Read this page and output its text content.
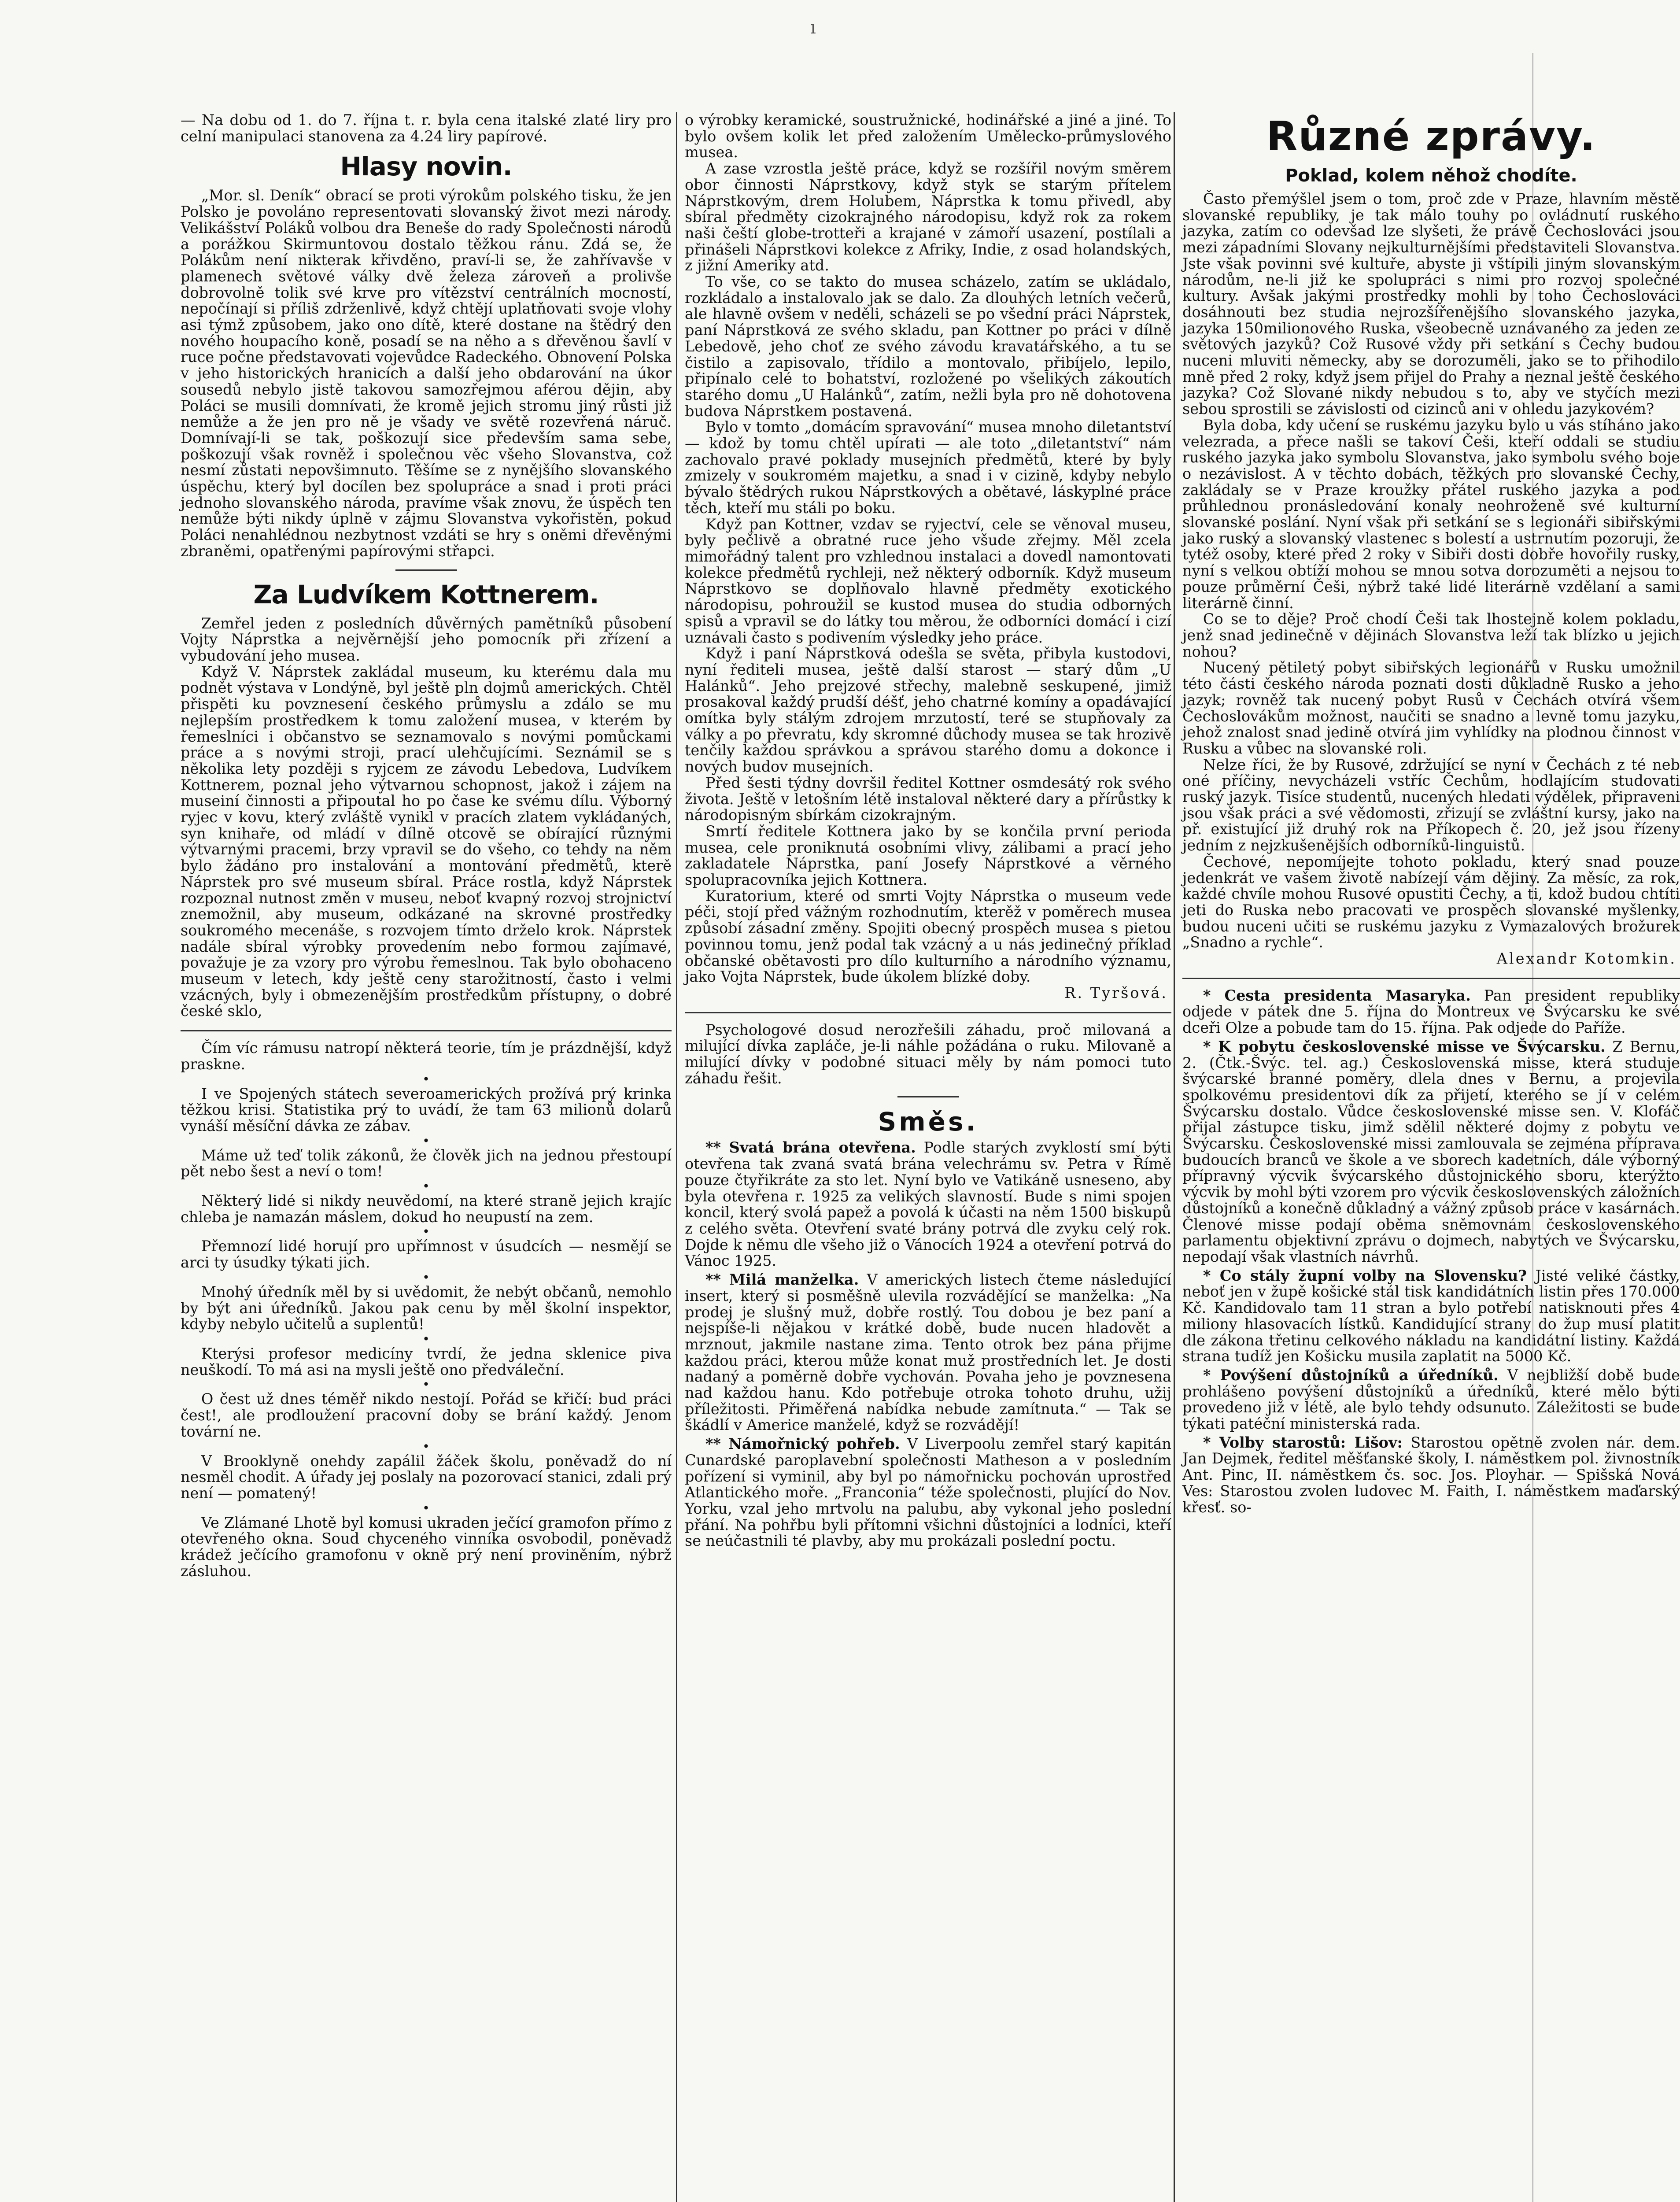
ı

— Na dobu od 1. do 7. října t. r. byla cena italské zlaté liry pro celní manipulaci stanovena za 4.24 liry papírové.

Hlasy novin.

„Mor. sl. Deník“ obrací se proti výrokům polského tisku, že jen Polsko je povoláno representovati slovanský život mezi národy. Velikášství Poláků volbou dra Beneše do rady Společnosti národů a porážkou Skirmuntovou dostalo těžkou ránu. Zdá se, že Polákům není nikterak křivděno, praví-li se, že zahřívavše v plamenech světové války dvě železa zároveň a prolivše dobrovolně tolik své krve pro vítězství centrálních mocností, nepočínají si příliš zdrženlivě, když chtějí uplatňovati svoje vlohy asi týmž způsobem, jako ono dítě, které dostane na štědrý den nového houpacího koně, posadí se na něho a s dřevěnou šavlí v ruce počne představovati vojevůdce Radeckého. Obnovení Polska v jeho historických hranicích a další jeho obdarování na úkor sousedů nebylo jistě takovou samozřejmou aférou dějin, aby Poláci se musili domnívati, že kromě jejich stromu jiný růsti již nemůže a že jen pro ně je všady ve světě rozevřená náruč. Domnívají-li se tak, poškozují sice především sama sebe, poškozují však rovněž i společnou věc všeho Slovanstva, což nesmí zůstati nepovšimnuto. Těšíme se z nynějšího slovanského úspěchu, který byl docílen bez spolupráce a snad i proti práci jednoho slovanského národa, pravíme však znovu, že úspěch ten nemůže býti nikdy úplně v zájmu Slovanstva vykořistěn, pokud Poláci nenahlédnou nezbytnost vzdáti se hry s oněmi dřevěnými zbraněmi, opatřenými papírovými střapci.

Za Ludvíkem Kottnerem.

Zemřel jeden z posledních důvěrných pamětníků působení Vojty Náprstka a nejvěrnější jeho pomocník při zřízení a vybudování jeho musea.

Když V. Náprstek zakládal museum, ku kterému dala mu podnět výstava v Londýně, byl ještě pln dojmů amerických. Chtěl přispěti ku povznesení českého průmyslu a zdálo se mu nejlepším prostředkem k tomu založení musea, v kterém by řemeslníci i občanstvo se seznamovalo s novými pomůckami práce a s novými stroji, prací ulehčujícími. Seznámil se s několika lety později s ryjcem ze závodu Lebedova, Ludvíkem Kottnerem, poznal jeho výtvarnou schopnost, jakož i zájem na museiní činnosti a připoutal ho po čase ke svému dílu. Výborný ryjec v kovu, který zvláště vynikl v pracích zlatem vykládaných, syn knihaře, od mládí v dílně otcově se obírající různými výtvarnými pracemi, brzy vpravil se do všeho, co tehdy na něm bylo žádáno pro instalování a montování předmětů, kterě Náprstek pro své museum sbíral. Práce rostla, když Náprstek rozpoznal nutnost změn v museu, neboť kvapný rozvoj strojnictví znemožnil, aby museum, odkázané na skrovné prostředky soukromého mecenáše, s rozvojem tímto drželo krok. Náprstek nadále sbíral výrobky provedením nebo formou zajímavé, považuje je za vzory pro výrobu řemeslnou. Tak bylo obohaceno museum v letech, kdy ještě ceny starožitností, často i velmi vzácných, byly i obmezenějším prostředkům přístupny, o dobré české sklo,

Čím víc rámusu natropí některá teorie, tím je prázdnější, když praskne.

•

I ve Spojených státech severoamerických prožívá prý krinka těžkou krisi. Statistika prý to uvádí, že tam 63 milionů dolarů vynáší měsíční dávka ze zábav.

•

Máme už teď tolik zákonů, že člověk jich na jednou přestoupí pět nebo šest a neví o tom!

•

Některý lidé si nikdy neuvědomí, na které straně jejich krajíc chleba je namazán máslem, dokud ho neupustí na zem.

•

Přemnozí lidé horují pro upřímnost v úsudcích — nesmějí se arci ty úsudky týkati jich.

•

Mnohý úředník měl by si uvědomit, že nebýt občanů, nemohlo by být ani úředníků. Jakou pak cenu by měl školní inspektor, kdyby nebylo učitelů a suplentů!

•

Kterýsi profesor medicíny tvrdí, že jedna sklenice piva neuškodí. To má asi na mysli ještě ono předváleční.

•

O čest už dnes téměř nikdo nestojí. Pořád se křičí: bud práci čest!, ale prodloužení pracovní doby se brání každý. Jenom tovární ne.

•

V Brooklyně onehdy zapálil žáček školu, poněvadž do ní nesměl chodit. A úřady jej poslaly na pozorovací stanici, zdali prý není — pomatený!

•

Ve Zlámané Lhotě byl komusi ukraden ječící gramofon přímo z otevřeného okna. Soud chyceného vinníka osvobodil, poněvadž krádež ječícího gramofonu v okně prý není proviněním, nýbrž zásluhou.

o výrobky keramické, soustružnické, hodinářské a jiné a jiné. To bylo ovšem kolik let před založením Umělecko-průmyslového musea.

A zase vzrostla ještě práce, když se rozšířil novým směrem obor činnosti Náprstkovy, když styk se starým přítelem Náprstkovým, drem Holubem, Náprstka k tomu přivedl, aby sbíral předměty cizokrajného národopisu, když rok za rokem naši čeští globe-trotteři a krajané v zámoří usazení, postílali a přinášeli Náprstkovi kolekce z Afriky, Indie, z osad holandských, z jižní Ameriky atd.

To vše, co se takto do musea scházelo, zatím se ukládalo, rozkládalo a instalovalo jak se dalo. Za dlouhých letních večerů, ale hlavně ovšem v neděli, scházeli se po všední práci Náprstek, paní Náprstková ze svého skladu, pan Kottner po práci v dílně Lebedově, jeho choť ze svého závodu kravatářského, a tu se čistilo a zapisovalo, třídilo a montovalo, přibíjelo, lepilo, připínalo celé to bohatství, rozložené po všelikých zákoutích starého domu „U Halánků“, zatím, nežli byla pro ně dohotovena budova Náprstkem postavená.

Bylo v tomto „domácím spravování“ musea mnoho diletantství — kdož by tomu chtěl upírati — ale toto „diletantství“ nám zachovalo pravé poklady musejních předmětů, které by byly zmizely v soukromém majetku, a snad i v cizině, kdyby nebylo bývalo štědrých rukou Náprstkových a obětavé, láskyplné práce těch, kteří mu stáli po boku.

Když pan Kottner, vzdav se ryjectví, cele se věnoval museu, byly pečlivě a obratné ruce jeho všude zřejmy. Měl zcela mimořádný talent pro vzhlednou instalaci a dovedl namontovati kolekce předmětů rychleji, než některý odborník. Když museum Náprstkovo se doplňovalo hlavně předměty exotického národopisu, pohroužil se kustod musea do studia odborných spisů a vpravil se do látky tou měrou, že odborníci domácí i cizí uznávali často s podivením výsledky jeho práce.

Když i paní Náprstková odešla se světa, přibyla kustodovi, nyní řediteli musea, ještě další starost — starý dům „U Halánků“. Jeho prejzové střechy, malebně seskupené, jimiž prosakoval každý prudší déšť, jeho chatrné komíny a opadávající omítka byly stálým zdrojem mrzutostí, teré se stupňovaly za války a po převratu, kdy skromné důchody musea se tak hrozivě tenčily každou správkou a správou starého domu a dokonce i nových budov musejních.

Před šesti týdny dovršil ředitel Kottner osmdesátý rok svého života. Ještě v letošním létě instaloval některé dary a přírůstky k národopisným sbírkám cizokrajným.

Smrtí ředitele Kottnera jako by se končila první perioda musea, cele proniknutá osobními vlivy, zálibami a prací jeho zakladatele Náprstka, paní Josefy Náprstkové a věrného spolupracovníka jejich Kottnera.

Kuratorium, které od smrti Vojty Náprstka o museum vede péči, stojí před vážným rozhodnutím, kterěž v poměrech musea způsobí zásadní změny. Spojiti obecný prospěch musea s pietou povinnou tomu, jenž podal tak vzácný a u nás jedinečný příklad občanské obětavosti pro dílo kulturního a národního významu, jako Vojta Náprstek, bude úkolem blízké doby.

R. Tyršová.

Psychologové dosud nerozřešili záhadu, proč milovaná a milující dívka zapláče, je-li náhle požádána o ruku. Milovaně a milující dívky v podobné situaci měly by nám pomoci tuto záhadu řešit.

Směs.

** Svatá brána otevřena. Podle starých zvyklostí smí býti otevřena tak zvaná svatá brána velechrámu sv. Petra v Římě pouze čtyřikráte za sto let. Nyní bylo ve Vatikáně usneseno, aby byla otevřena r. 1925 za velikých slavností. Bude s nimi spojen koncil, který svolá papež a povolá k účasti na něm 1500 biskupů z celého světa. Otevření svaté brány potrvá dle zvyku celý rok. Dojde k němu dle všeho již o Vánocích 1924 a otevření potrvá do Vánoc 1925.

** Milá manželka. V amerických listech čteme následující insert, který si posměšně ulevila rozvádějící se manželka: „Na prodej je slušný muž, dobře rostlý. Tou dobou je bez paní a nejspíše-li nějakou v krátké době, bude nucen hladovět a mrznout, jakmile nastane zima. Tento otrok bez pána přijme každou práci, kterou může konat muž prostředních let. Je dosti nadaný a poměrně dobře vychován. Povaha jeho je povznesena nad každou hanu. Kdo potřebuje otroka tohoto druhu, užij příležitosti. Přiměřená nabídka nebude zamítnuta.“ — Tak se škádlí v Americe manželé, když se rozvádějí!

** Námořnický pohřeb. V Liverpoolu zemřel starý kapitán Cunardské paroplavební společnosti Matheson a v posledním pořízení si vyminil, aby byl po námořnicku pochován uprostřed Atlantického moře. „Franconia“ téže společnosti, plující do Nov. Yorku, vzal jeho mrtvolu na palubu, aby vykonal jeho poslední přání. Na pohřbu byli přítomni všichni důstojníci a lodníci, kteří se neúčastnili té plavby, aby mu prokázali poslední poctu.

Různé zprávy.
Poklad, kolem něhož chodíte.

Často přemýšlel jsem o tom, proč zde v Praze, hlavním městě slovanské republiky, je tak málo touhy po ovládnutí ruského jazyka, zatím co odevšad lze slyšeti, že právě Čechoslováci jsou mezi západními Slovany nejkulturnějšími představiteli Slovanstva. Jste však povinni své kultuře, abyste ji vštípili jiným slovanským národům, ne-li již ke spolupráci s nimi pro rozvoj společné kultury. Avšak jakými prostředky mohli by toho Čechoslováci dosáhnouti bez studia nejrozšířenějšího slovanského jazyka, jazyka 150milionového Ruska, všeobecně uznávaného za jeden ze světových jazyků? Což Rusové vždy při setkání s Čechy budou nuceni mluviti německy, aby se dorozuměli, jako se to přihodilo mně před 2 roky, když jsem přijel do Prahy a neznal ještě českého jazyka? Což Slované nikdy nebudou s to, aby ve styčích mezi sebou sprostili se závislosti od cizinců ani v ohledu jazykovém?

Byla doba, kdy učení se ruskému jazyku bylo u vás stíháno jako velezrada, a přece našli se takoví Češi, kteří oddali se studiu ruského jazyka jako symbolu Slovanstva, jako symbolu svého boje o nezávislost. A v těchto dobách, těžkých pro slovanské Čechy, zakládaly se v Praze kroužky přátel ruského jazyka a pod průhlednou pronásledování konaly neohroženě své kulturní slovanské poslání. Nyní však při setkání se s legionáři sibiřskými jako ruský a slovanský vlastenec s bolestí a ustrnutím pozoruji, že tytéž osoby, které před 2 roky v Sibiři dosti dobře hovořily rusky, nyní s velkou obtíží mohou se mnou sotva dorozuměti a nejsou to pouze průměrní Češi, nýbrž také lidé literárně vzdělaní a sami literárně činní.

Co se to děje? Proč chodí Češi tak lhostejně kolem pokladu, jenž snad jedinečně v dějinách Slovanstva leží tak blízko u jejich nohou?

Nucený pětiletý pobyt sibiřských legionářů v Rusku umožnil této části českého národa poznati dosti důkladně Rusko a jeho jazyk; rovněž tak nucený pobyt Rusů v Čechách otvírá všem Čechoslovákům možnost, naučiti se snadno a levně tomu jazyku, jehož znalost snad jedině otvírá jim vyhlídky na plodnou činnost v Rusku a vůbec na slovanské roli.

Nelze říci, že by Rusové, zdržující se nyní v Čechách z té neb oné příčiny, nevycházeli vstříc Čechům, hodlajícím studovati ruský jazyk. Tisíce studentů, nucených hledati výdělek, připraveni jsou však práci a své vědomosti, zřizují se zvláštní kursy, jako na př. existující již druhý rok na Příkopech č. 20, jež jsou řízeny jedním z nejzkušenějších odborníků-linguistů.

Čechové, nepomíjejte tohoto pokladu, který snad pouze jedenkrát ve vašem životě nabízejí vám dějiny. Za měsíc, za rok, každé chvíle mohou Rusové opustiti Čechy, a ti, kdož budou chtíti jeti do Ruska nebo pracovati ve prospěch slovanské myšlenky, budou nuceni učiti se ruskému jazyku z Vymazalových brožurek „Snadno a rychle“.

Alexandr Kotomkin.

* Cesta presidenta Masaryka. Pan president republiky odjede v pátek dne 5. října do Montreux ve Švýcarsku ke své dceři Olze a pobude tam do 15. října. Pak odjede do Paříže.

* K pobytu československé misse ve Švýcarsku. Z Bernu, 2. (Čtk.-Švýc. tel. ag.) Československá misse, která studuje švýcarské branné poměry, dlela dnes v Bernu, a projevila spolkovému presidentovi dík za přijetí, kterého se jí v celém Švýcarsku dostalo. Vůdce československé misse sen. V. Klofáč přijal zástupce tisku, jimž sdělil některé dojmy z pobytu ve Švýcarsku. Československé missi zamlouvala se zejména příprava budoucích branců ve škole a ve sborech kadetních, dále výborný přípravný výcvik švýcarského důstojnického sboru, kterýžto výcvik by mohl býti vzorem pro výcvik československých záložních důstojníků a konečně důkladný a vážný způsob práce v kasárnách. Členové misse podají oběma sněmovnám československého parlamentu objektivní zprávu o dojmech, nabytých ve Švýcarsku, nepodají však vlastních návrhů.

* Co stály župní volby na Slovensku? Jisté veliké částky, neboť jen v župě košické stál tisk kandidátních listin přes 170.000 Kč. Kandidovalo tam 11 stran a bylo potřebí natisknouti přes 4 miliony hlasovacích lístků. Kandidující strany do žup musí platit dle zákona třetinu celkového nákladu na kandidátní listiny. Každá strana tudíž jen Košicku musila zaplatit na 5000 Kč.

* Povýšení důstojníků a úředníků. V nejbližší době bude prohlášeno povýšení důstojníků a úředníků, které mělo býti provedeno již v létě, ale bylo tehdy odsunuto. Záležitosti se bude týkati patéční ministerská rada.

* Volby starostů: Lišov: Starostou opětně zvolen nár. dem. Jan Dejmek, ředitel měšťanské školy, I. náměstkem pol. živnostník Ant. Pinc, II. náměstkem čs. soc. Jos. Ployhar. — Spišská Nová Ves: Starostou zvolen ludovec M. Faith, I. náměstkem maďarský křesť. so-
